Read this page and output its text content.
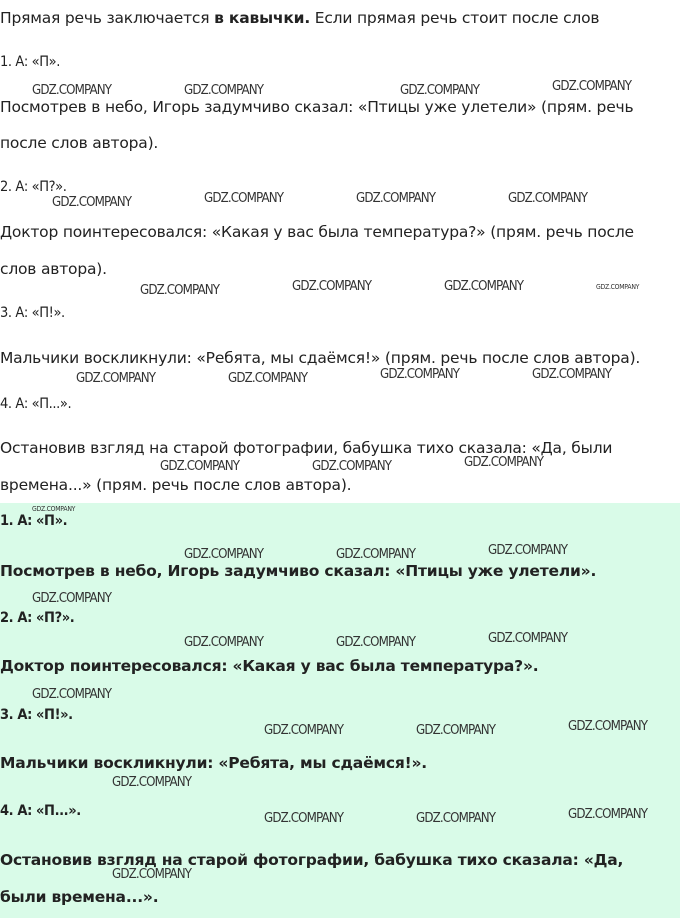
Прямая речь заключается в кавычки. Если прямая речь стоит после слов
1. А: «П».
Посмотрев в небо, Игорь задумчиво сказал: «Птицы уже улетели» (прям. речь
после слов автора).
2. А: «П?».
Доктор поинтересовался: «Какая у вас была температура?» (прям. речь после
слов автора).
3. А: «П!».
Мальчики воскликнули: «Ребята, мы сдаёмся!» (прям. речь после слов автора).
4. А: «П...».
Остановив взгляд на старой фотографии, бабушка тихо сказала: «Да, были
времена...» (прям. речь после слов автора).
1. А: «П».
Посмотрев в небо, Игорь задумчиво сказал: «Птицы уже улетели».
2. А: «П?».
Доктор поинтересовался: «Какая у вас была температура?».
3. А: «П!».
Мальчики воскликнули: «Ребята, мы сдаёмся!».
4. А: «П...».
Остановив взгляд на старой фотографии, бабушка тихо сказала: «Да,
были времена...».
GDZ.COMPANY	GDZ.COMPANY	GDZ.COMPANY	GDZ.COMPANY
GDZ.COMPANY	GDZ.COMPANY	GDZ.COMPANY	GDZ.COMPANY
GDZ.COMPANY	GDZ.COMPANY	GDZ.COMPANY	GDZ.COMPANY
GDZ.COMPANY	GDZ.COMPANY	GDZ.COMPANY	GDZ.COMPANY
GDZ.COMPANY	GDZ.COMPANY	GDZ.COMPANY
GDZ.COMPANY
GDZ.COMPANY	GDZ.COMPANY	GDZ.COMPANY
GDZ.COMPANY
GDZ.COMPANY	GDZ.COMPANY	GDZ.COMPANY
GDZ.COMPANY
GDZ.COMPANY	GDZ.COMPANY	GDZ.COMPANY
GDZ.COMPANY
GDZ.COMPANY	GDZ.COMPANY	GDZ.COMPANY
GDZ.COMPANY
